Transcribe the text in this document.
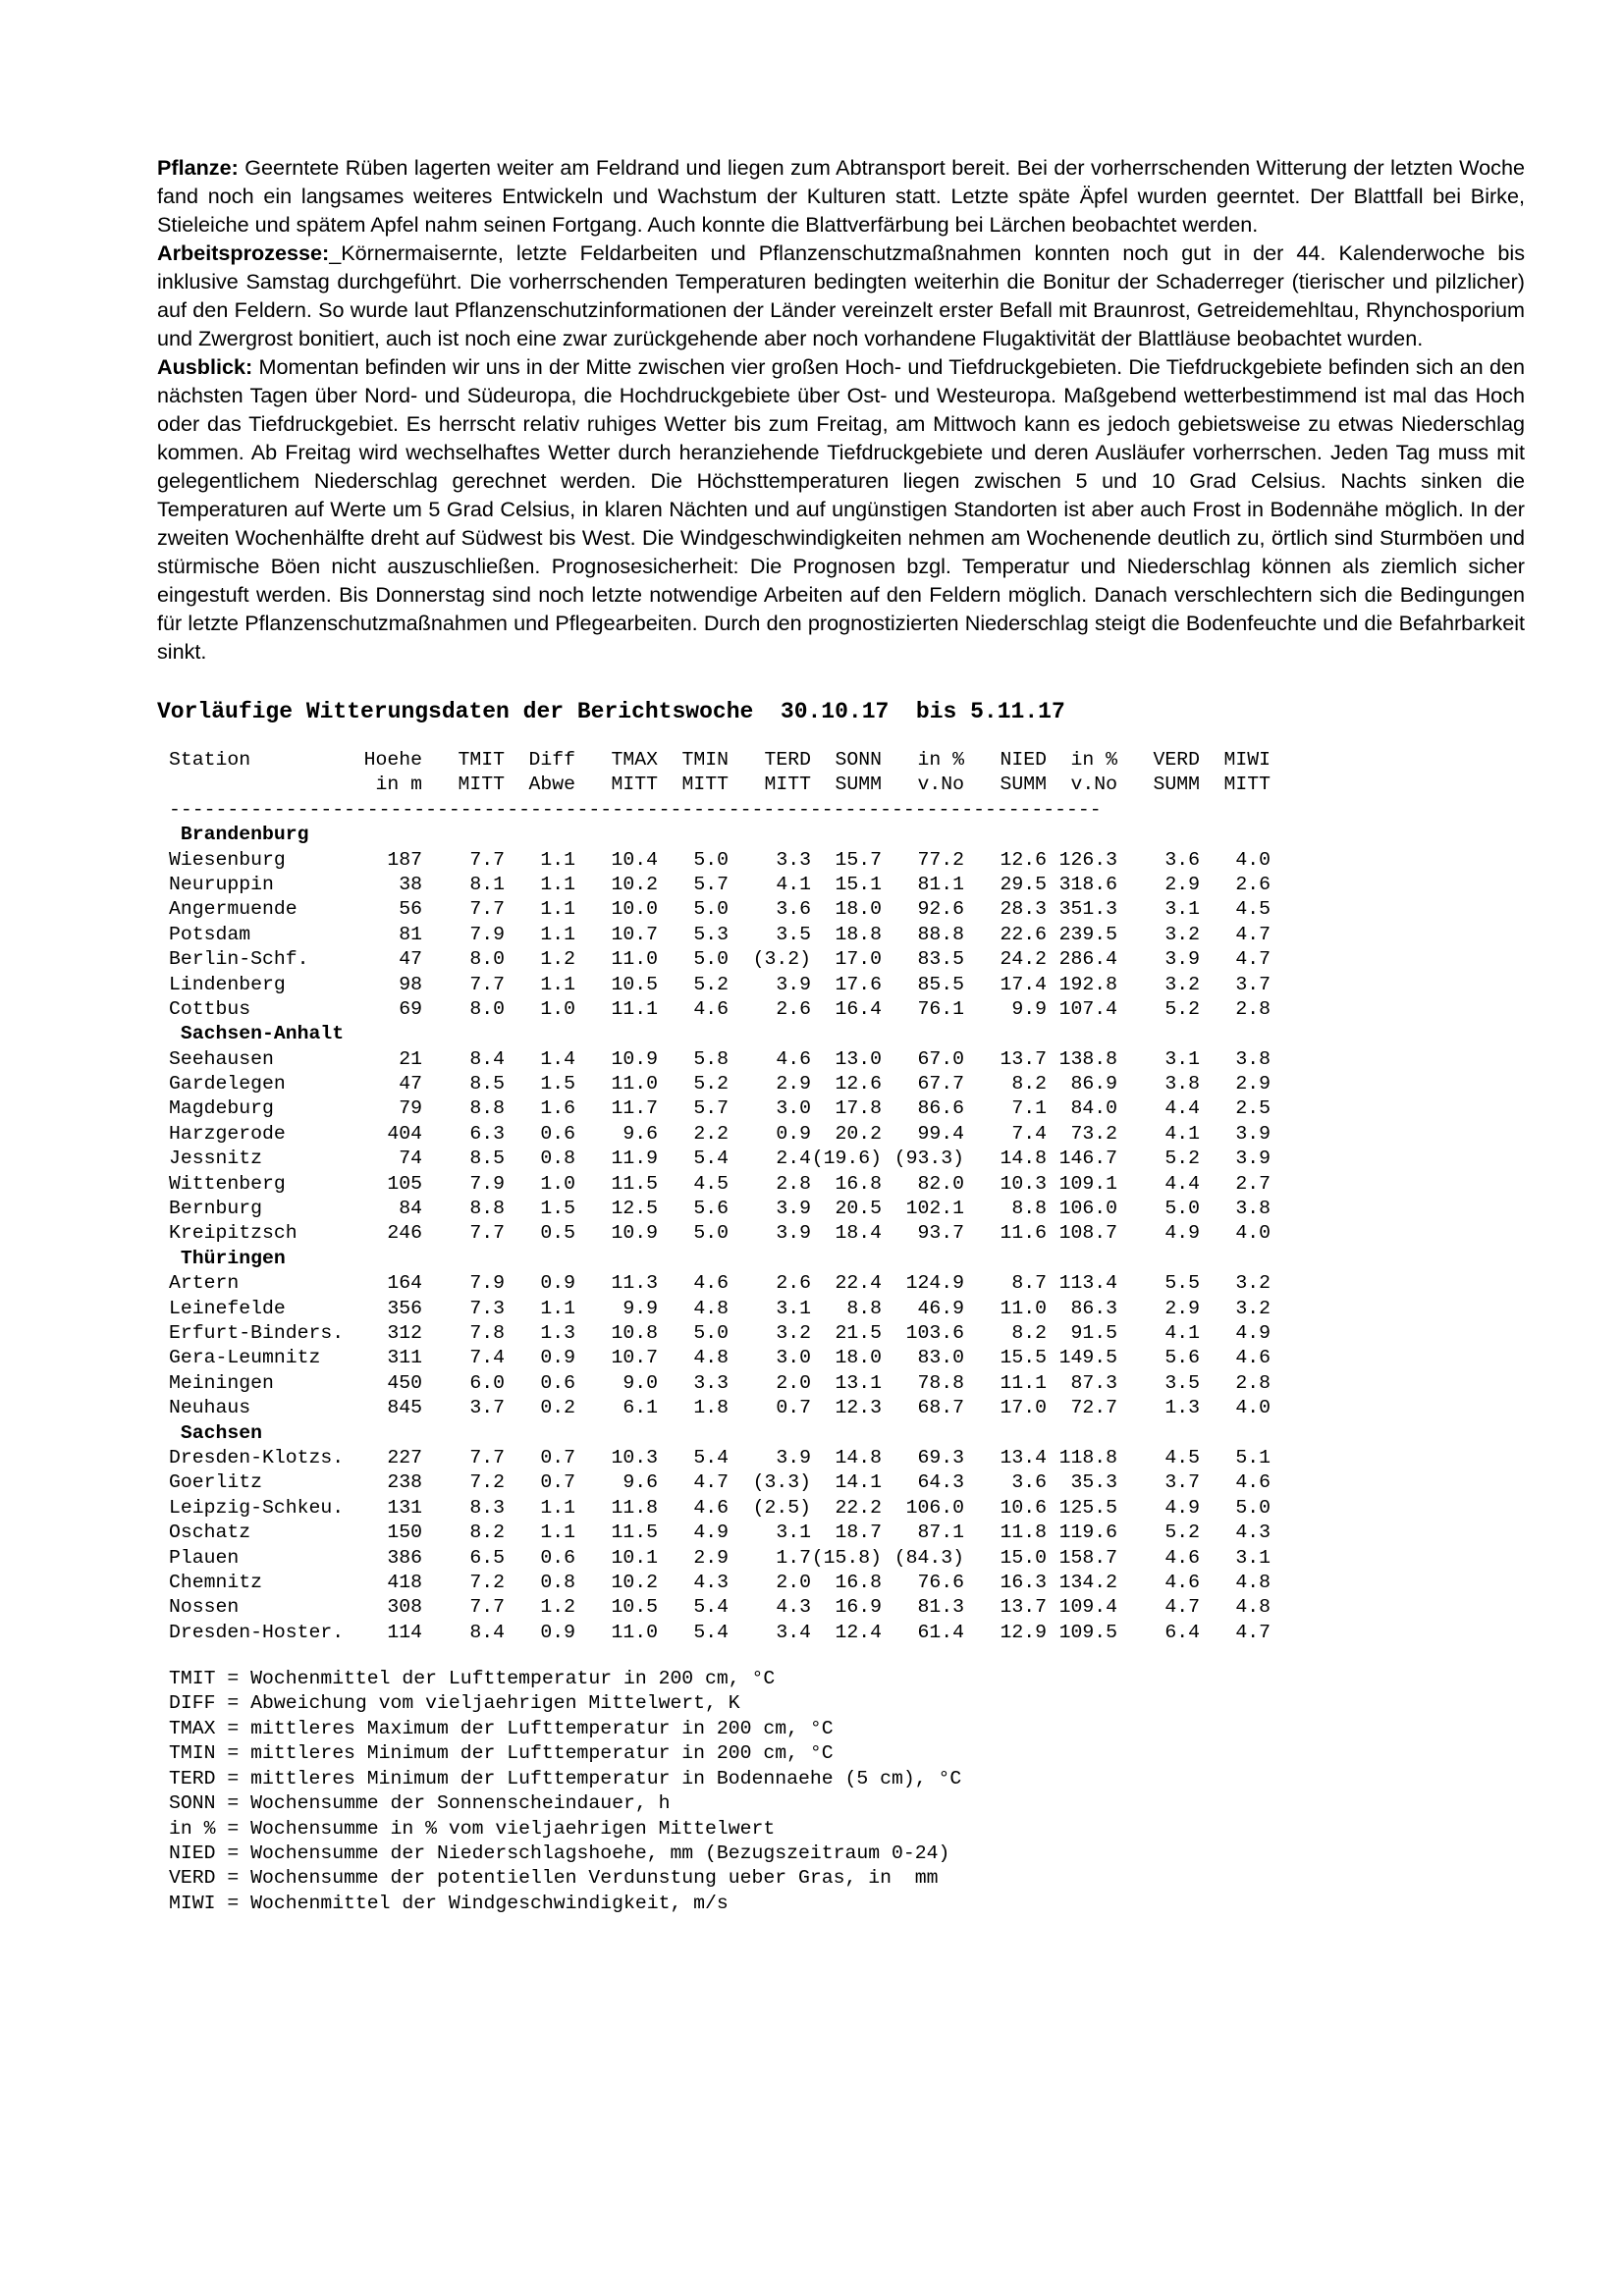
Pflanze: Geerntete Rüben lagerten weiter am Feldrand und liegen zum Abtransport bereit. Bei der vorherrschenden Witterung der letzten Woche fand noch ein langsames weiteres Entwickeln und Wachstum der Kulturen statt. Letzte späte Äpfel wurden geerntet. Der Blattfall bei Birke, Stieleiche und spätem Apfel nahm seinen Fortgang. Auch konnte die Blattverfärbung bei Lärchen beobachtet werden.

Arbeitsprozesse:_Körnermaisernte, letzte Feldarbeiten und Pflanzenschutzmaßnahmen konnten noch gut in der 44. Kalenderwoche bis inklusive Samstag durchgeführt. Die vorherrschenden Temperaturen bedingten weiterhin die Bonitur der Schaderreger (tierischer und pilzlicher) auf den Feldern. So wurde laut Pflanzenschutzinformationen der Länder vereinzelt erster Befall mit Braunrost, Getreidemehltau, Rhynchosporium und Zwergrost bonitiert, auch ist noch eine zwar zurückgehende aber noch vorhandene Flugaktivität der Blattläuse beobachtet wurden.

Ausblick: Momentan befinden wir uns in der Mitte zwischen vier großen Hoch- und Tiefdruckgebieten. Die Tiefdruckgebiete befinden sich an den nächsten Tagen über Nord- und Südeuropa, die Hochdruckgebiete über Ost- und Westeuropa. Maßgebend wetterbestimmend ist mal das Hoch oder das Tiefdruckgebiet. Es herrscht relativ ruhiges Wetter bis zum Freitag, am Mittwoch kann es jedoch gebietsweise zu etwas Niederschlag kommen. Ab Freitag wird wechselhaftes Wetter durch heranziehende Tiefdruckgebiete und deren Ausläufer vorherrschen. Jeden Tag muss mit gelegentlichem Niederschlag gerechnet werden. Die Höchsttemperaturen liegen zwischen 5 und 10 Grad Celsius. Nachts sinken die Temperaturen auf Werte um 5 Grad Celsius, in klaren Nächten und auf ungünstigen Standorten ist aber auch Frost in Bodennähe möglich. In der zweiten Wochenhälfte dreht auf Südwest bis West. Die Windgeschwindigkeiten nehmen am Wochenende deutlich zu, örtlich sind Sturmböen und stürmische Böen nicht auszuschließen. Prognosesicherheit: Die Prognosen bzgl. Temperatur und Niederschlag können als ziemlich sicher eingestuft werden. Bis Donnerstag sind noch letzte notwendige Arbeiten auf den Feldern möglich. Danach verschlechtern sich die Bedingungen für letzte Pflanzenschutzmaßnahmen und Pflegearbeiten. Durch den prognostizierten Niederschlag steigt die Bodenfeuchte und die Befahrbarkeit sinkt.

Vorläufige Witterungsdaten der Berichtswoche  30.10.17  bis 5.11.17
Station	Hoehe TMIT Diff TMAX TMIN TERD SONN in % NIED in % VERD MIWI
in m MITT Abwe MITT MITT MITT SUMM v.No SUMM v.No SUMM MITT
--------------------------------------------------------------------------------
Brandenburg
Wiesenburg	187 7.7 1.1 10.4 5.0 3.3 15.7 77.2 12.6 126.3 3.6 4.0
Neuruppin	38 8.1 1.1 10.2 5.7 4.1 15.1 81.1 29.5 318.6 2.9 2.6
Angermuende	56 7.7 1.1 10.0 5.0 3.6 18.0 92.6 28.3 351.3 3.1 4.5
Potsdam	81 7.9 1.1 10.7 5.3 3.5 18.8 88.8 22.6 239.5 3.2 4.7
Berlin-Schf.	47 8.0 1.2 11.0 5.0 (3.2) 17.0 83.5 24.2 286.4 3.9 4.7
Lindenberg	98 7.7 1.1 10.5 5.2 3.9 17.6 85.5 17.4 192.8 3.2 3.7
Cottbus	69 8.0 1.0 11.1 4.6 2.6 16.4 76.1 9.9 107.4 5.2 2.8
Sachsen-Anhalt
Seehausen	21 8.4 1.4 10.9 5.8 4.6 13.0 67.0 13.7 138.8 3.1 3.8
Gardelegen	47 8.5 1.5 11.0 5.2 2.9 12.6 67.7 8.2 86.9 3.8 2.9
Magdeburg	79 8.8 1.6 11.7 5.7 3.0 17.8 86.6 7.1 84.0 4.4 2.5
Harzgerode	404 6.3 0.6 9.6 2.2 0.9 20.2 99.4 7.4 73.2 4.1 3.9
Jessnitz	74 8.5 0.8 11.9 5.4 2.4(19.6) (93.3) 14.8 146.7 5.2 3.9
Wittenberg	105 7.9 1.0 11.5 4.5 2.8 16.8 82.0 10.3 109.1 4.4 2.7
Bernburg	84 8.8 1.5 12.5 5.6 3.9 20.5 102.1 8.8 106.0 5.0 3.8
Kreipitzsch	246 7.7 0.5 10.9 5.0 3.9 18.4 93.7 11.6 108.7 4.9 4.0
Thüringen
Artern	164 7.9 0.9 11.3 4.6 2.6 22.4 124.9 8.7 113.4 5.5 3.2
Leinefelde	356 7.3 1.1 9.9 4.8 3.1 8.8 46.9 11.0 86.3 2.9 3.2
Erfurt-Binders. 312 7.8 1.3 10.8 5.0 3.2 21.5 103.6 8.2 91.5 4.1 4.9
Gera-Leumnitz	311 7.4 0.9 10.7 4.8 3.0 18.0 83.0 15.5 149.5 5.6 4.6
Meiningen	450 6.0 0.6 9.0 3.3 2.0 13.1 78.8 11.1 87.3 3.5 2.8
Neuhaus	845 3.7 0.2 6.1 1.8 0.7 12.3 68.7 17.0 72.7 1.3 4.0
Sachsen
Dresden-Klotzs. 227 7.7 0.7 10.3 5.4 3.9 14.8 69.3 13.4 118.8 4.5 5.1
Goerlitz	238 7.2 0.7 9.6 4.7 (3.3) 14.1 64.3 3.6 35.3 3.7 4.6
Leipzig-Schkeu. 131 8.3 1.1 11.8 4.6 (2.5) 22.2 106.0 10.6 125.5 4.9 5.0
Oschatz	150 8.2 1.1 11.5 4.9 3.1 18.7 87.1 11.8 119.6 5.2 4.3
Plauen	386 6.5 0.6 10.1 2.9 1.7(15.8) (84.3) 15.0 158.7 4.6 3.1
Chemnitz	418 7.2 0.8 10.2 4.3 2.0 16.8 76.6 16.3 134.2 4.6 4.8
Nossen	308 7.7 1.2 10.5 5.4 4.3 16.9 81.3 13.7 109.4 4.7 4.8
Dresden-Hoster. 114 8.4 0.9 11.0 5.4 3.4 12.4 61.4 12.9 109.5 6.4 4.7
TMIT = Wochenmittel der Lufttemperatur in 200 cm, °C
DIFF = Abweichung vom vieljaehrigen Mittelwert, K
TMAX = mittleres Maximum der Lufttemperatur in 200 cm, °C
TMIN = mittleres Minimum der Lufttemperatur in 200 cm, °C
TERD = mittleres Minimum der Lufttemperatur in Bodennaehe (5 cm), °C
SONN = Wochensumme der Sonnenscheindauer, h
in % = Wochensumme in % vom vieljaehrigen Mittelwert
NIED = Wochensumme der Niederschlagshoehe, mm (Bezugszeitraum 0-24)
VERD = Wochensumme der potentiellen Verdunstung ueber Gras, in  mm
MIWI = Wochenmittel der Windgeschwindigkeit, m/s
